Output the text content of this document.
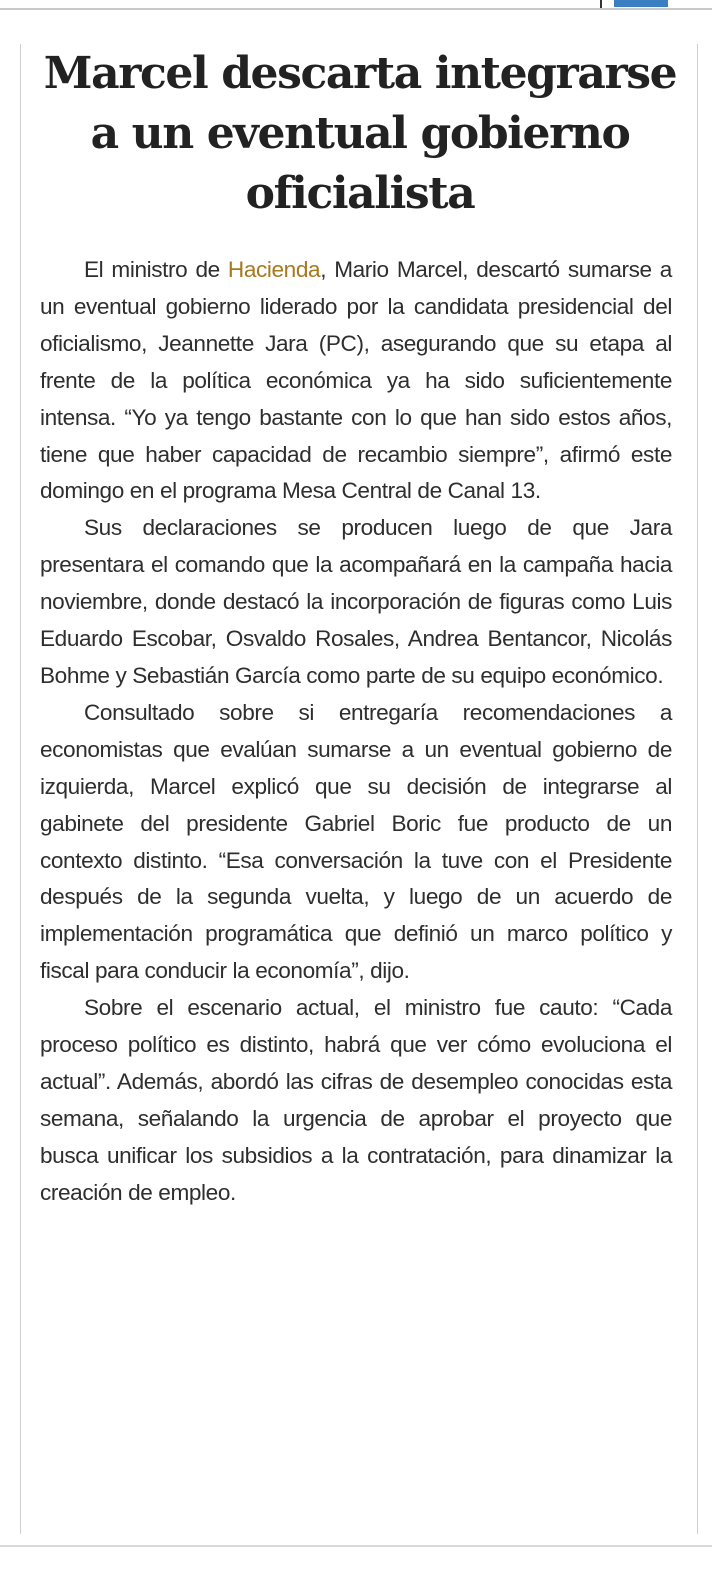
Marcel descarta integrarse a un eventual gobierno oficialista

El ministro de Hacienda, Mario Marcel, descartó sumarse a un eventual gobierno liderado por la candidata presidencial del oficialismo, Jeannette Jara (PC), asegurando que su etapa al frente de la política económica ya ha sido suficientemente intensa. “Yo ya tengo bastante con lo que han sido estos años, tiene que haber capacidad de recambio siempre”, afirmó este domingo en el programa Mesa Central de Canal 13.

Sus declaraciones se producen luego de que Jara presentara el comando que la acompañará en la campaña hacia noviembre, donde destacó la incorporación de figuras como Luis Eduardo Escobar, Osvaldo Rosales, Andrea Bentancor, Nicolás Bohme y Sebastián García como parte de su equipo económico.

Consultado sobre si entregaría recomendaciones a economistas que evalúan sumarse a un eventual gobierno de izquierda, Marcel explicó que su decisión de integrarse al gabinete del presidente Gabriel Boric fue producto de un contexto distinto. “Esa conversación la tuve con el Presidente después de la segunda vuelta, y luego de un acuerdo de implementación programática que definió un marco político y fiscal para conducir la economía”, dijo.

Sobre el escenario actual, el ministro fue cauto: “Cada proceso político es distinto, habrá que ver cómo evoluciona el actual”. Además, abordó las cifras de desempleo conocidas esta semana, señalando la urgencia de aprobar el proyecto que busca unificar los subsidios a la contratación, para dinamizar la creación de empleo.
